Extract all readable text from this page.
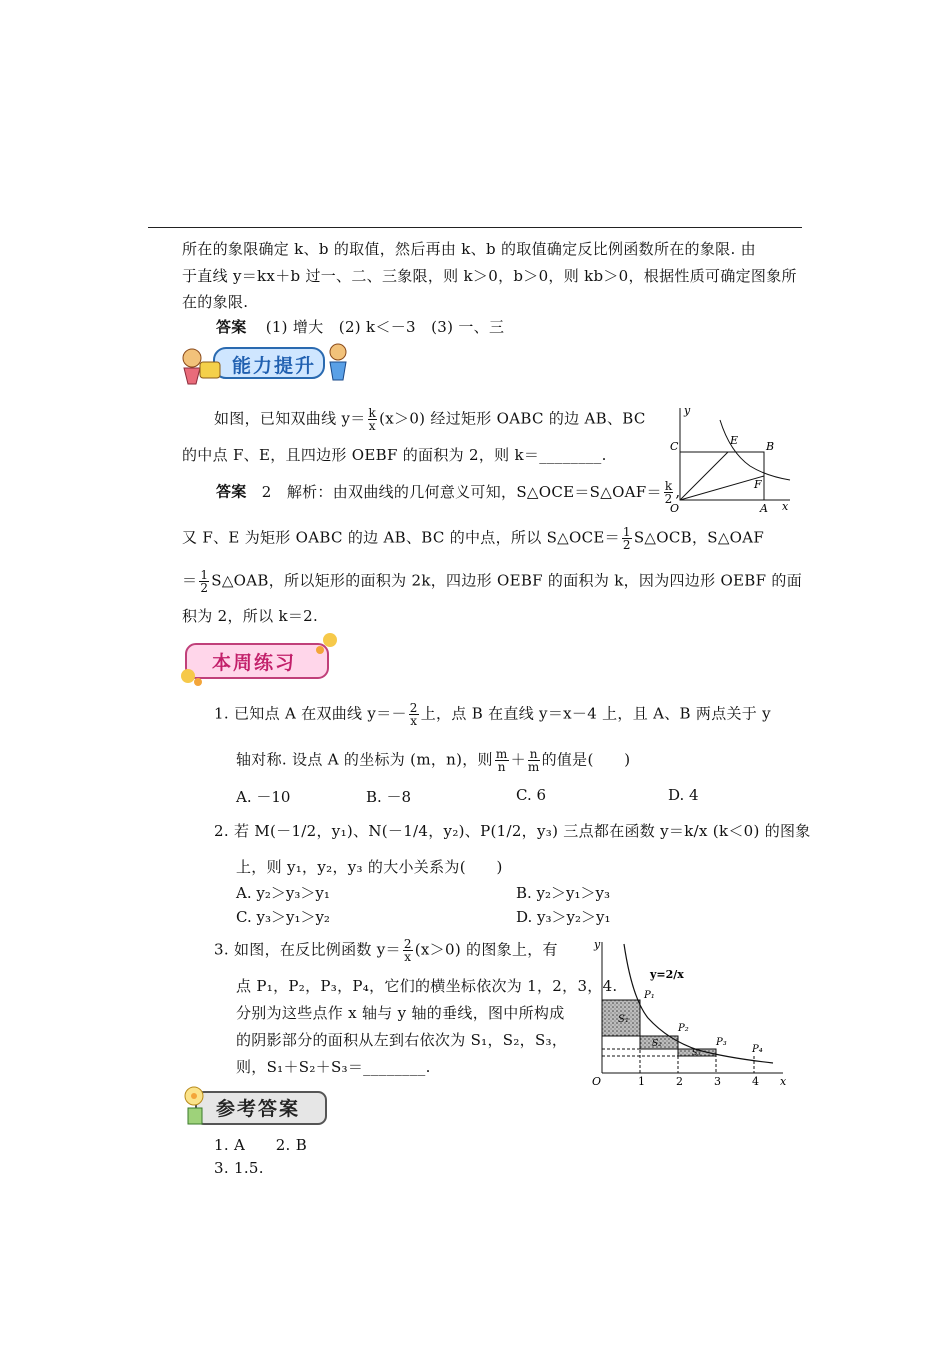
所在的象限确定 k、b 的取值，然后再由 k、b 的取值确定反比例函数所在的象限. 由
于直线 y＝kx＋b 过一、二、三象限，则 k＞0，b＞0，则 kb＞0，根据性质可确定图象所
在的象限.
答案 (1) 增大　(2) k＜－3　(3) 一、三
能力提升
如图，已知双曲线 $y= \frac{k}{x} (x>0)$ 经过矩形 OABC 的边 AB、BC
的中点 F、E，且四边形 OEBF 的面积为 2，则 k＝________.
答案 2　解析：由双曲线的几何意义可知，S△OCE＝S△OAF＝ $\frac{k}{2}$ ,
又 F、E 为矩形 OABC 的边 AB、BC 的中点，所以 S△OCE＝ $\frac{1}{2}$ S△OCB，S△OAF
＝ $\frac{1}{2}$ S△OAB，所以矩形的面积为 2k，四边形 OEBF 的面积为 k，因为四边形 OEBF 的面
积为 2，所以 k＝2.
y
x
O	A
B
C	E
F
本周练习
1. 已知点 A 在双曲线 $y=- \frac{2}{x}$ 上，点 B 在直线 y＝x－4 上，且 A、B 两点关于 y
轴对称. 设点 A 的坐标为 (m，n)，则 $\frac{m}{n} + \frac{n}{m}$ 的值是(　　)
A. －10	B. －8	C. 6	D. 4
2. 若 M(－1/2，y₁)、N(－1/4，y₂)、P(1/2，y₃) 三点都在函数 y＝k/x (k＜0) 的图象
上，则 y₁，y₂，y₃ 的大小关系为(　　)
A. y₂＞y₃＞y₁	B. y₂＞y₁＞y₃
C. y₃＞y₁＞y₂	D. y₃＞y₂＞y₁
3. 如图，在反比例函数 $y= \frac{2}{x} (x>0)$ 的图象上，有
点 P₁，P₂，P₃，P₄，它们的横坐标依次为 1，2，3，4.
分别为这些点作 x 轴与 y 轴的垂线，图中所构成
的阴影部分的面积从左到右依次为 S₁，S₂，S₃，
则，S₁＋S₂＋S₃＝________.
y
x
O
y=2/x
P₁
P₂
P₃
P₄
S₁
S₂
S₃
1	2	3	4
参考答案
1. A　　2. B
3. 1.5.
